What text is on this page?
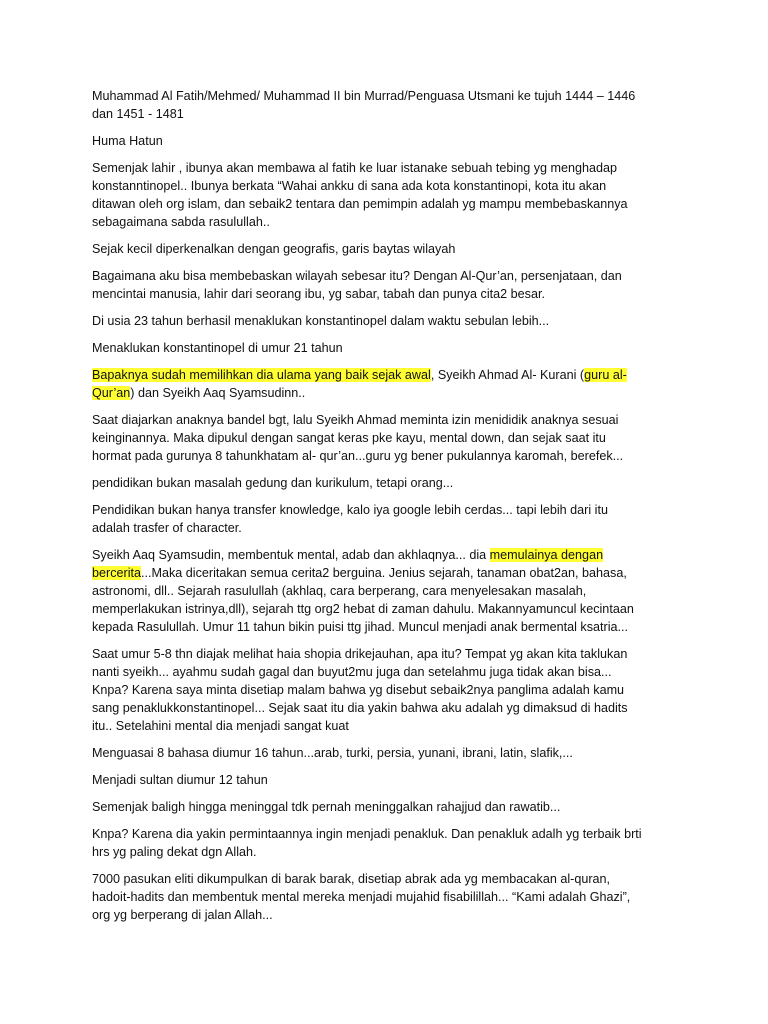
Muhammad Al Fatih/Mehmed/ Muhammad II bin Murrad/Penguasa Utsmani ke tujuh 1444 – 1446 dan 1451 - 1481

Huma Hatun

Semenjak lahir , ibunya akan membawa al fatih ke luar istanake sebuah tebing yg menghadap konstanntinopel.. Ibunya berkata “Wahai ankku di sana ada kota konstantinopi, kota itu akan ditawan oleh org islam, dan sebaik2 tentara dan pemimpin adalah yg mampu membebaskannya sebagaimana sabda rasulullah..

Sejak kecil diperkenalkan dengan geografis, garis baytas wilayah

Bagaimana aku bisa membebaskan wilayah sebesar itu? Dengan Al-Qur’an, persenjataan, dan mencintai manusia, lahir dari seorang ibu, yg sabar, tabah dan punya cita2 besar.

Di usia 23 tahun berhasil menaklukan konstantinopel dalam waktu sebulan lebih...

Menaklukan konstantinopel di umur 21 tahun

Bapaknya sudah memilihkan dia ulama yang baik sejak awal, Syeikh Ahmad Al- Kurani (guru al-Qur’an) dan Syeikh Aaq Syamsudinn..

Saat diajarkan anaknya bandel bgt, lalu Syeikh Ahmad meminta izin menididik anaknya sesuai keinginannya. Maka dipukul dengan sangat keras pke kayu, mental down, dan sejak saat itu hormat pada gurunya 8 tahunkhatam al- qur’an...guru yg bener pukulannya karomah, berefek...

pendidikan bukan masalah gedung dan kurikulum, tetapi orang...

Pendidikan bukan hanya transfer knowledge, kalo iya google lebih cerdas... tapi lebih dari itu adalah trasfer of character.

Syeikh Aaq Syamsudin, membentuk mental, adab dan akhlaqnya... dia memulainya dengan bercerita...Maka diceritakan semua cerita2 berguina. Jenius sejarah, tanaman obat2an, bahasa, astronomi, dll.. Sejarah rasulullah (akhlaq, cara berperang, cara menyelesakan masalah, memperlakukan istrinya,dll), sejarah ttg org2 hebat di zaman dahulu. Makannyamuncul kecintaan kepada Rasulullah. Umur 11 tahun bikin puisi ttg jihad. Muncul menjadi anak bermental ksatria...

Saat umur 5-8 thn diajak melihat haia shopia drikejauhan, apa itu? Tempat yg akan kita taklukan nanti syeikh... ayahmu sudah gagal dan buyut2mu juga dan setelahmu juga tidak akan bisa... Knpa? Karena saya minta disetiap malam bahwa yg disebut sebaik2nya panglima adalah kamu sang penaklukkonstantinopel... Sejak saat itu dia yakin bahwa aku adalah yg dimaksud di hadits itu.. Setelahini mental dia menjadi sangat kuat

Menguasai 8 bahasa diumur 16 tahun...arab, turki, persia, yunani, ibrani, latin, slafik,...

Menjadi sultan diumur 12 tahun

Semenjak baligh hingga meninggal tdk pernah meninggalkan rahajjud dan rawatib...

Knpa? Karena dia yakin permintaannya ingin menjadi penakluk. Dan penakluk adalh yg terbaik brti hrs yg paling dekat dgn Allah.

7000 pasukan eliti dikumpulkan di barak barak, disetiap abrak ada yg membacakan al-quran, hadoit-hadits dan membentuk mental mereka menjadi mujahid fisabilillah... “Kami adalah Ghazi”, org yg berperang di jalan Allah...
